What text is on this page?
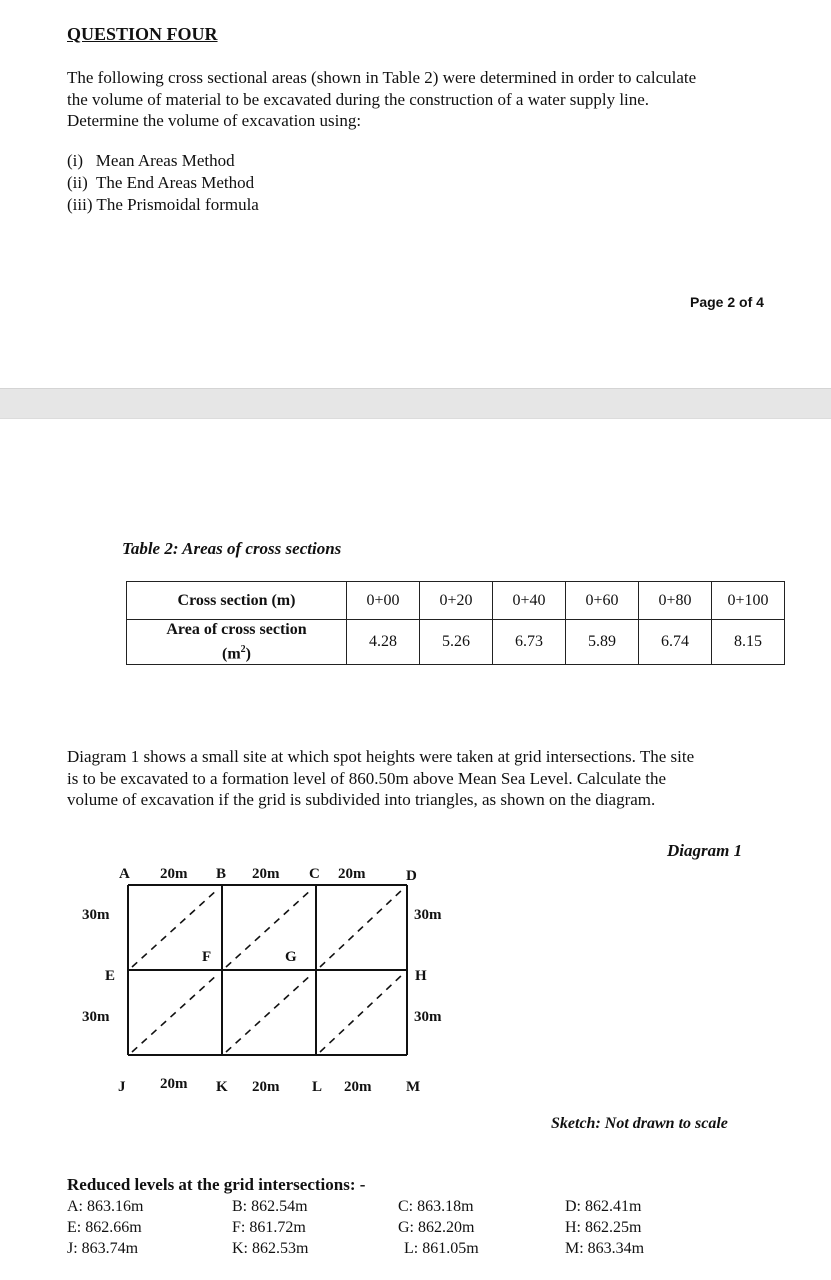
QUESTION FOUR
The following cross sectional areas (shown in Table 2) were determined in order to calculate
the volume of material to be excavated during the construction of a water supply line.
Determine the volume of excavation using:
(i)   Mean Areas Method
(ii)  The End Areas Method
(iii) The Prismoidal formula
Page 2 of 4
Table 2: Areas of cross sections
Cross section (m)	0+00	0+20	0+40	0+60	0+80	0+100

Area of cross section
$(m^2)$	4.28	5.26	6.73	5.89	6.74	8.15
Diagram 1 shows a small site at which spot heights were taken at grid intersections. The site
is to be excavated to a formation level of 860.50m above Mean Sea Level. Calculate the
volume of excavation if the grid is subdivided into triangles, as shown on the diagram.
Diagram 1
A	B	C	D
E
F	G
H
J	K	L	M
20m	20m	20m
20m	20m	20m
30m
30m
30m
30m
Sketch: Not drawn to scale
Reduced levels at the grid intersections: -
A: 863.16m	B: 862.54m	C: 863.18m	D: 862.41m
E: 862.66m	F: 861.72m	G: 862.20m	H: 862.25m
J: 863.74m	K: 862.53m	L: 861.05m	M: 863.34m
